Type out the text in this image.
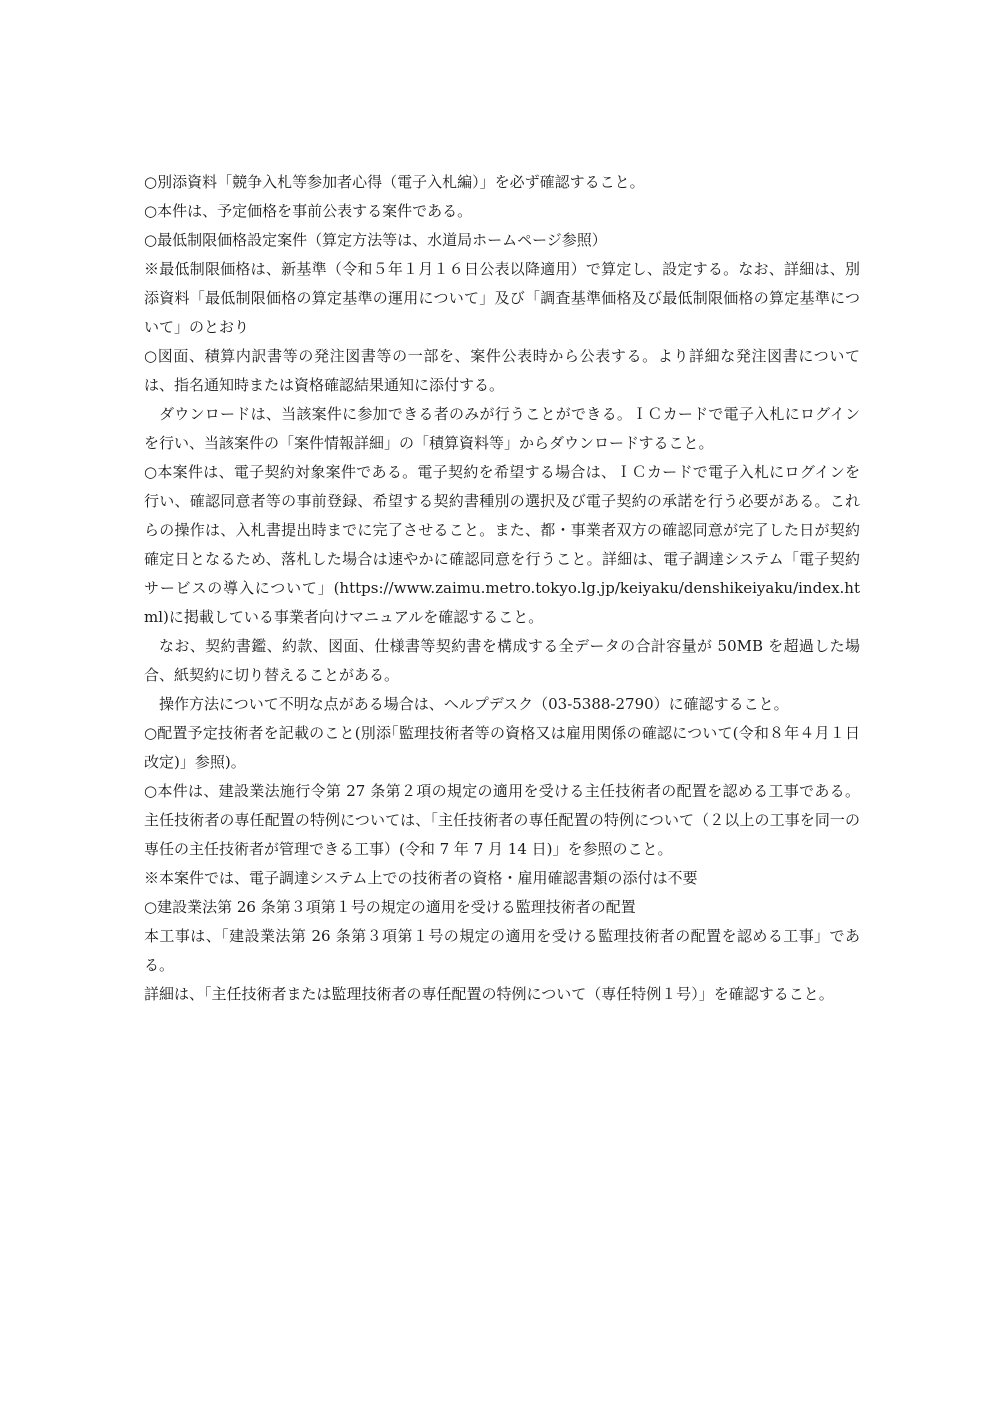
○別添資料「競争入札等参加者心得（電子入札編）」を必ず確認すること。

○本件は、予定価格を事前公表する案件である。

○最低制限価格設定案件（算定方法等は、水道局ホームページ参照）

※最低制限価格は、新基準（令和５年１月１６日公表以降適用）で算定し、設定する。なお、詳細は、別添資料「最低制限価格の算定基準の運用について」及び「調査基準価格及び最低制限価格の算定基準について」のとおり

○図面、積算内訳書等の発注図書等の一部を、案件公表時から公表する。より詳細な発注図書については、指名通知時または資格確認結果通知に添付する。

ダウンロードは、当該案件に参加できる者のみが行うことができる。ＩＣカードで電子入札にログインを行い、当該案件の「案件情報詳細」の「積算資料等」からダウンロードすること。

○本案件は、電子契約対象案件である。電子契約を希望する場合は、ＩＣカードで電子入札にログインを行い、確認同意者等の事前登録、希望する契約書種別の選択及び電子契約の承諾を行う必要がある。これらの操作は、入札書提出時までに完了させること。また、都・事業者双方の確認同意が完了した日が契約確定日となるため、落札した場合は速やかに確認同意を行うこと。詳細は、電子調達システム「電子契約サービスの導入について」(https://www.zaimu.metro.tokyo.lg.jp/keiyaku/denshikeiyaku/index.html)に掲載している事業者向けマニュアルを確認すること。

なお、契約書鑑、約款、図面、仕様書等契約書を構成する全データの合計容量が 50MB を超過した場合、紙契約に切り替えることがある。

操作方法について不明な点がある場合は、ヘルプデスク（03-5388-2790）に確認すること。

○配置予定技術者を記載のこと(別添｢監理技術者等の資格又は雇用関係の確認について(令和８年４月１日改定)」参照)。

○本件は、建設業法施行令第 27 条第２項の規定の適用を受ける主任技術者の配置を認める工事である。主任技術者の専任配置の特例については、「主任技術者の専任配置の特例について（２以上の工事を同一の専任の主任技術者が管理できる工事）(令和 7 年 7 月 14 日)」を参照のこと。

※本案件では、電子調達システム上での技術者の資格・雇用確認書類の添付は不要

○建設業法第 26 条第３項第１号の規定の適用を受ける監理技術者の配置

本工事は、「建設業法第 26 条第３項第１号の規定の適用を受ける監理技術者の配置を認める工事」である。

詳細は、「主任技術者または監理技術者の専任配置の特例について（専任特例１号）」を確認すること。
